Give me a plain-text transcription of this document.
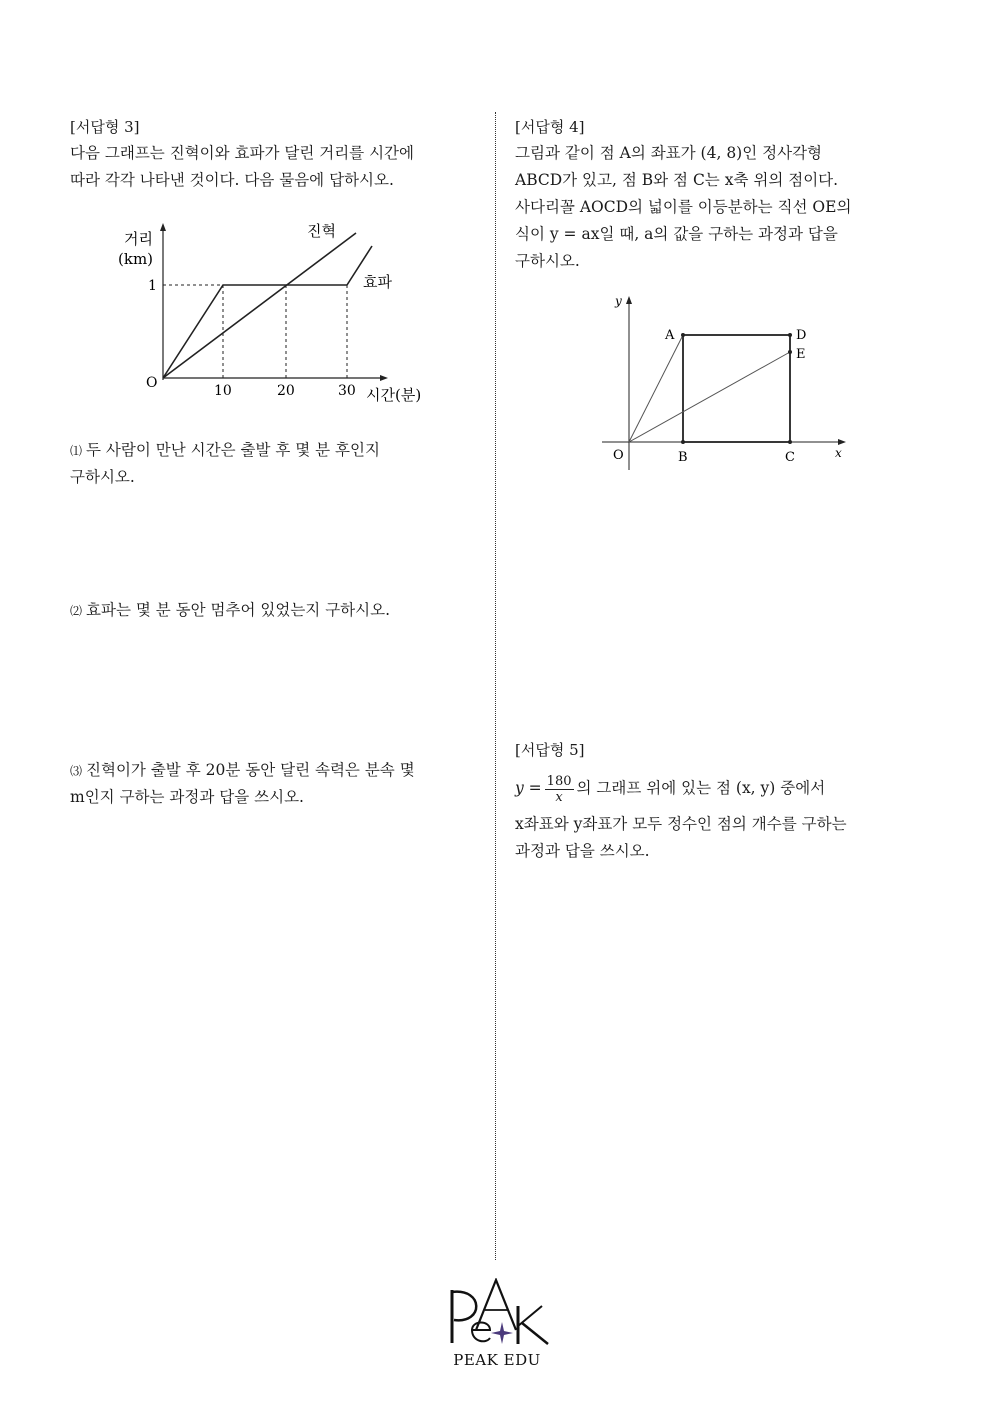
[서답형 3]
다음 그래프는 진혁이와 효파가 달린 거리를 시간에
따라 각각 나타낸 것이다. 다음 물음에 답하시오.
거리
(km)
1
O	10	20	30 시간(분)
진혁
효파
⑴ 두 사람이 만난 시간은 출발 후 몇 분 후인지
구하시오.
⑵ 효파는 몇 분 동안 멈추어 있었는지 구하시오.
⑶ 진혁이가 출발 후 20분 동안 달린 속력은 분속 몇
m인지 구하는 과정과 답을 쓰시오.
[서답형 4]
그림과 같이 점 A의 좌표가 (4, 8)인 정사각형
ABCD가 있고, 점 B와 점 C는 x축 위의 점이다.
사다리꼴 AOCD의 넓이를 이등분하는 직선 OE의
식이 y = ax일 때, a의 값을 구하는 과정과 답을
구하시오.
y
x
O
A
B	C
D
E
[서답형 5]
$y = \frac{180}{x}$ 의 그래프 위에 있는 점 (x, y) 중에서
x좌표와 y좌표가 모두 정수인 점의 개수를 구하는
과정과 답을 쓰시오.
PEAK EDU
